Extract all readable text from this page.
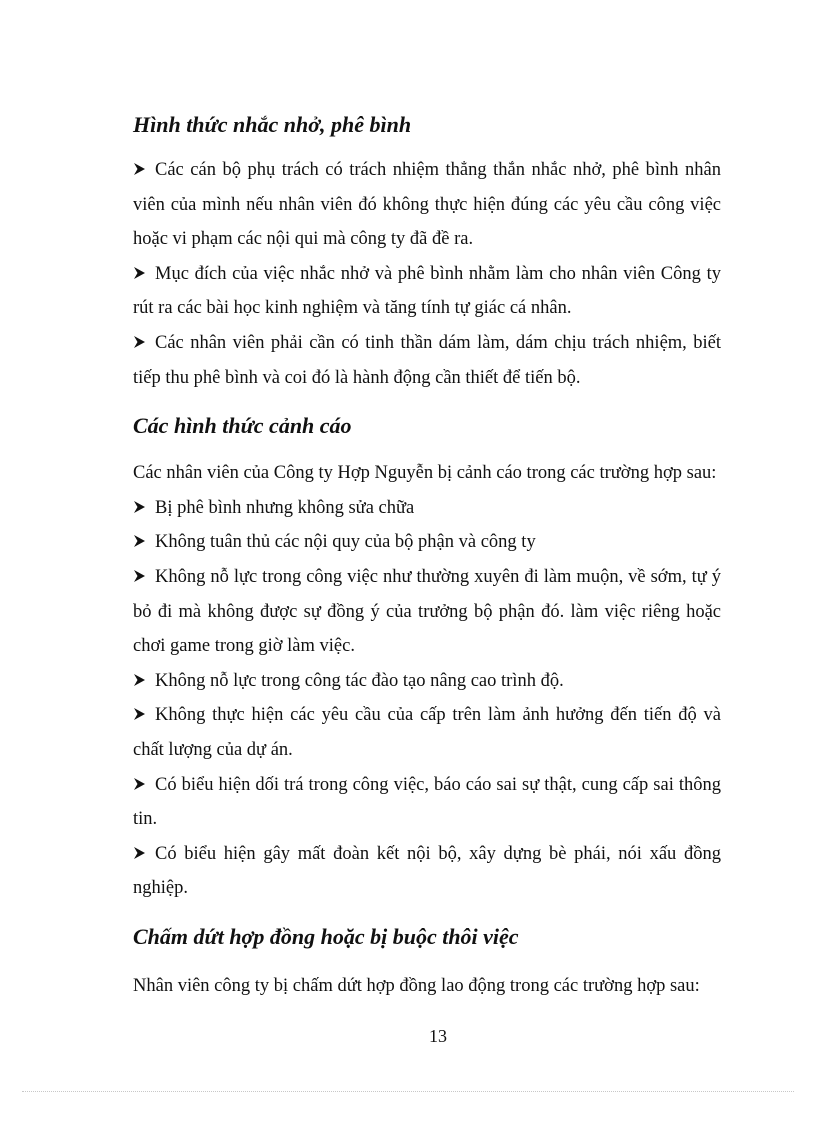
Hình thức nhắc nhở, phê bình

Các cán bộ phụ trách có trách nhiệm thẳng thắn nhắc nhở, phê bình nhân viên của mình nếu nhân viên đó không thực hiện đúng các yêu cầu công việc hoặc vi phạm các nội qui mà công ty đã đề ra.

Mục đích của việc nhắc nhở và phê bình nhằm làm cho nhân viên Công ty rút ra các bài học kinh nghiệm và tăng tính tự giác cá nhân.

Các nhân viên phải cần có tinh thần dám làm, dám chịu trách nhiệm, biết tiếp thu phê bình và coi đó là hành động cần thiết để tiến bộ.

Các hình thức cảnh cáo

Các nhân viên của Công ty Hợp Nguyễn bị cảnh cáo trong các trường hợp sau:

Bị phê bình nhưng không sửa chữa

Không tuân thủ các nội quy của bộ phận và công ty

Không nỗ lực trong công việc như thường xuyên đi làm muộn, về sớm, tự ý bỏ đi mà không được sự đồng ý của trưởng bộ phận đó. làm việc riêng hoặc chơi game trong giờ làm việc.

Không nỗ lực trong công tác đào tạo nâng cao trình độ.

Không thực hiện các yêu cầu của cấp trên làm ảnh hưởng đến tiến độ và chất lượng của dự án.

Có biểu hiện dối trá trong công việc, báo cáo sai sự thật, cung cấp sai thông tin.

Có biểu hiện gây mất đoàn kết nội bộ, xây dựng bè phái, nói xấu đồng nghiệp.

Chấm dứt hợp đồng hoặc bị buộc thôi việc

Nhân viên công ty bị chấm dứt hợp đồng lao động trong các trường hợp sau:

13
